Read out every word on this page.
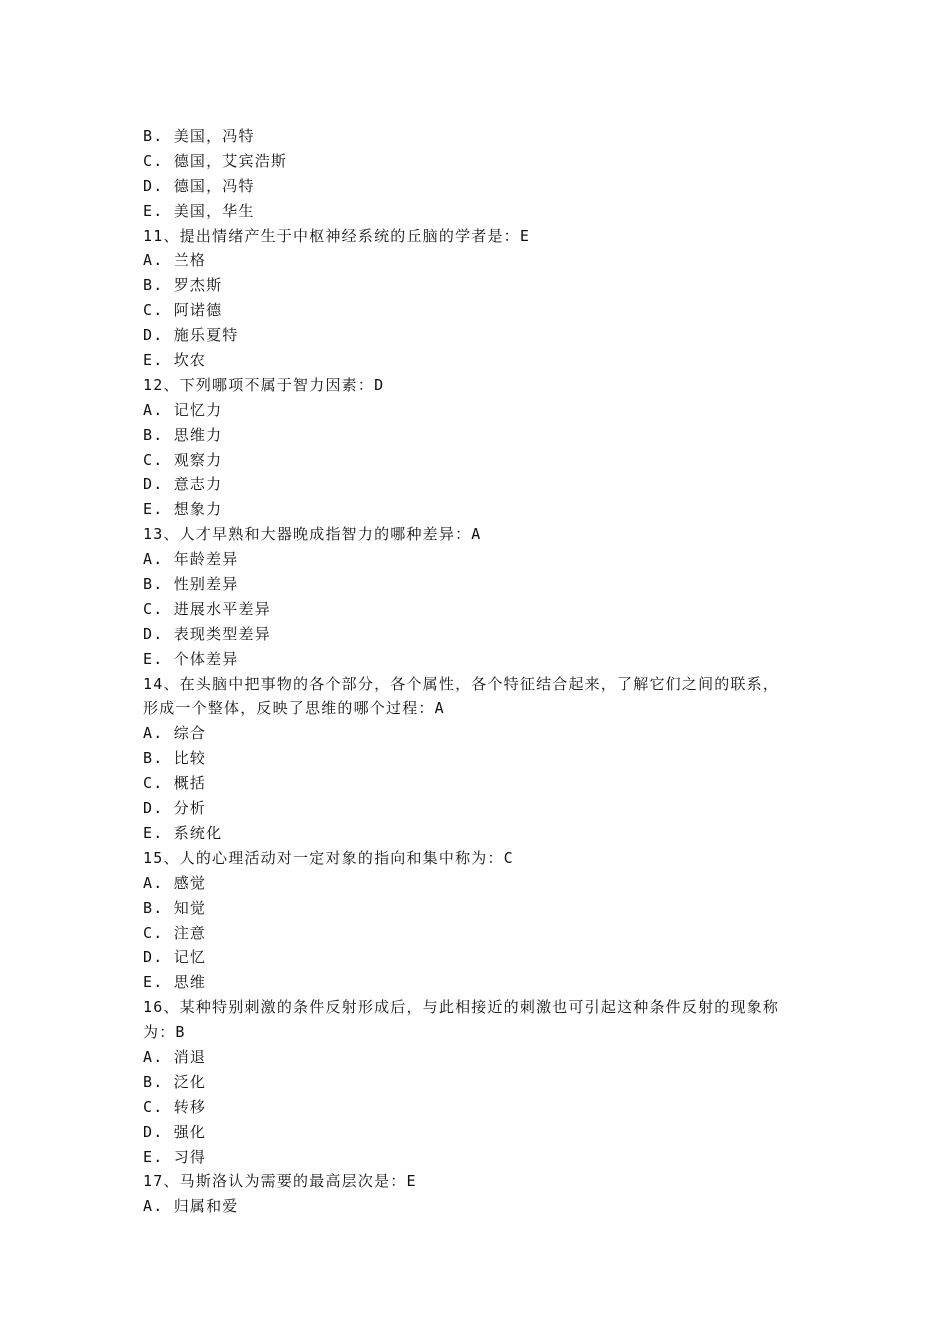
B. 美国，冯特
C. 德国，艾宾浩斯
D. 德国，冯特
E. 美国，华生
11、提出情绪产生于中枢神经系统的丘脑的学者是：E
A. 兰格
B. 罗杰斯
C. 阿诺德
D. 施乐夏特
E. 坎农
12、下列哪项不属于智力因素：D
A. 记忆力
B. 思维力
C. 观察力
D. 意志力
E. 想象力
13、人才早熟和大器晚成指智力的哪种差异：A
A. 年龄差异
B. 性别差异
C. 进展水平差异
D. 表现类型差异
E. 个体差异
14、在头脑中把事物的各个部分，各个属性，各个特征结合起来，了解它们之间的联系，
形成一个整体，反映了思维的哪个过程：A
A. 综合
B. 比较
C. 概括
D. 分析
E. 系统化
15、人的心理活动对一定对象的指向和集中称为：C
A. 感觉
B. 知觉
C. 注意
D. 记忆
E. 思维
16、某种特别刺激的条件反射形成后，与此相接近的刺激也可引起这种条件反射的现象称
为：B
A. 消退
B. 泛化
C. 转移
D. 强化
E. 习得
17、马斯洛认为需要的最高层次是：E
A. 归属和爱
